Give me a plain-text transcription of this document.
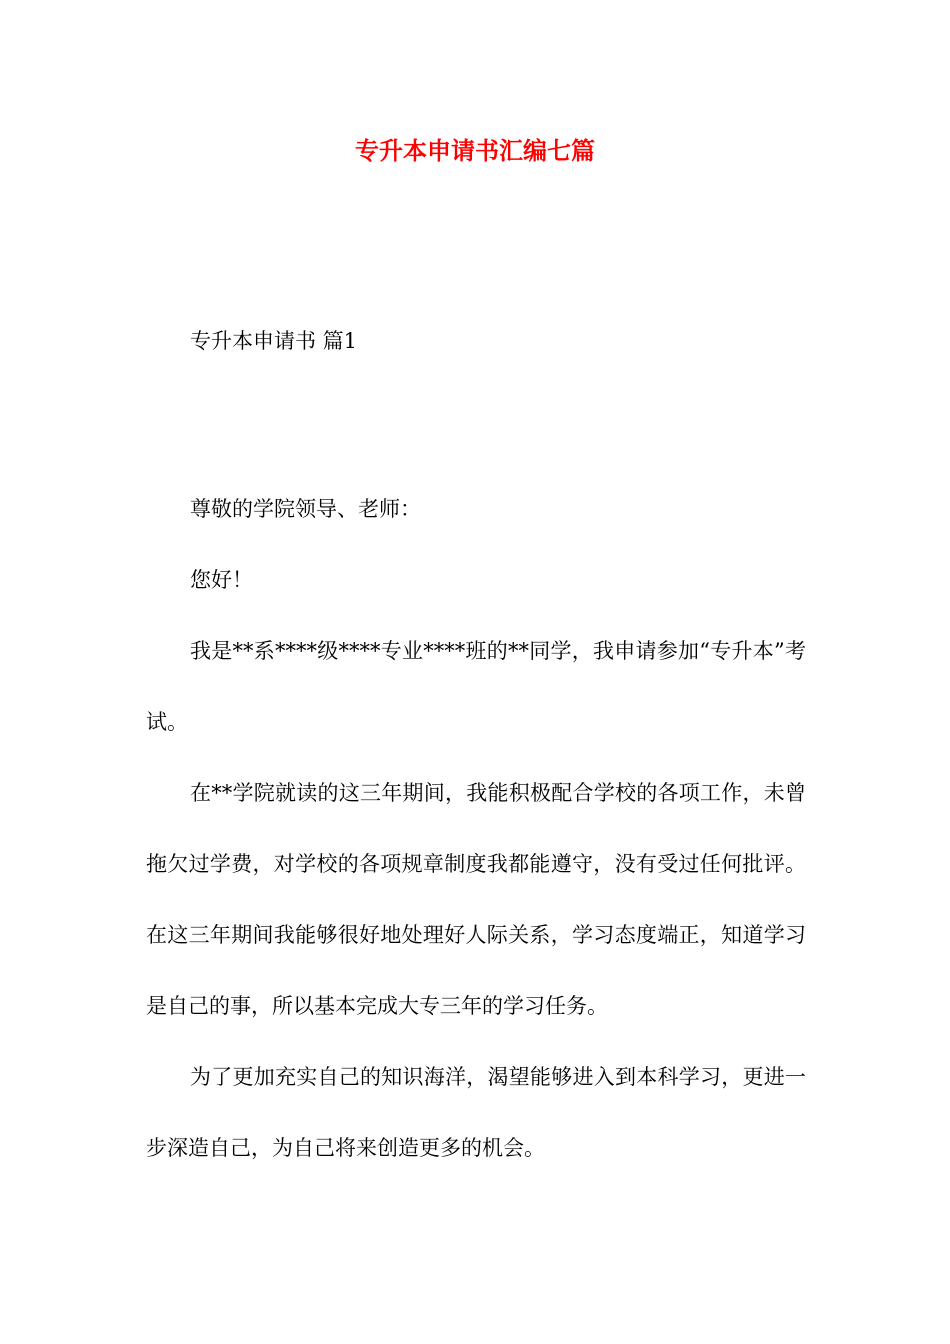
专升本申请书汇编七篇
专升本申请书 篇1

尊敬的学院领导、老师：

您好！

我是**系****级****专业****班的**同学，我申请参加“专升本”考试。

在**学院就读的这三年期间，我能积极配合学校的各项工作，未曾拖欠过学费，对学校的各项规章制度我都能遵守，没有受过任何批评。在这三年期间我能够很好地处理好人际关系，学习态度端正，知道学习是自己的事，所以基本完成大专三年的学习任务。

为了更加充实自己的知识海洋，渴望能够进入到本科学习，更进一步深造自己，为自己将来创造更多的机会。
